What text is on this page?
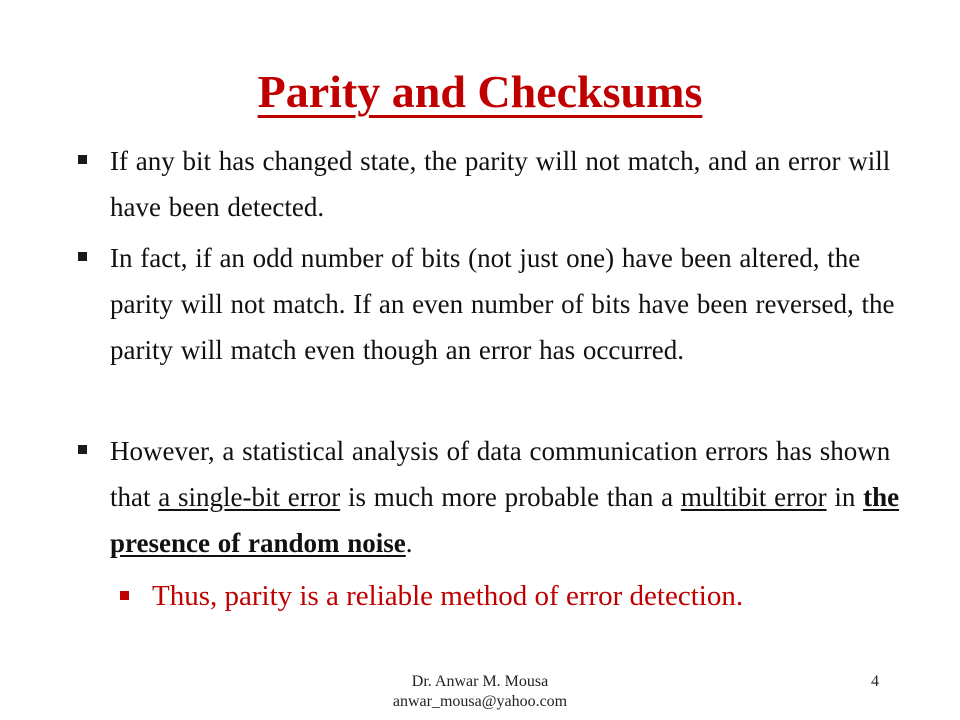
Parity and Checksums
If any bit has changed state, the parity will not match, and an error will have been detected.
In fact, if an odd number of bits (not just one) have been altered, the parity will not match. If an even number of bits have been reversed, the parity will match even though an error has occurred.
However, a statistical analysis of data communication errors has shown that a single-bit error is much more probable than a multibit error in the presence of random noise.
Thus, parity is a reliable method of error detection.
Dr. Anwar M. Mousa
anwar_mousa@yahoo.com
4
